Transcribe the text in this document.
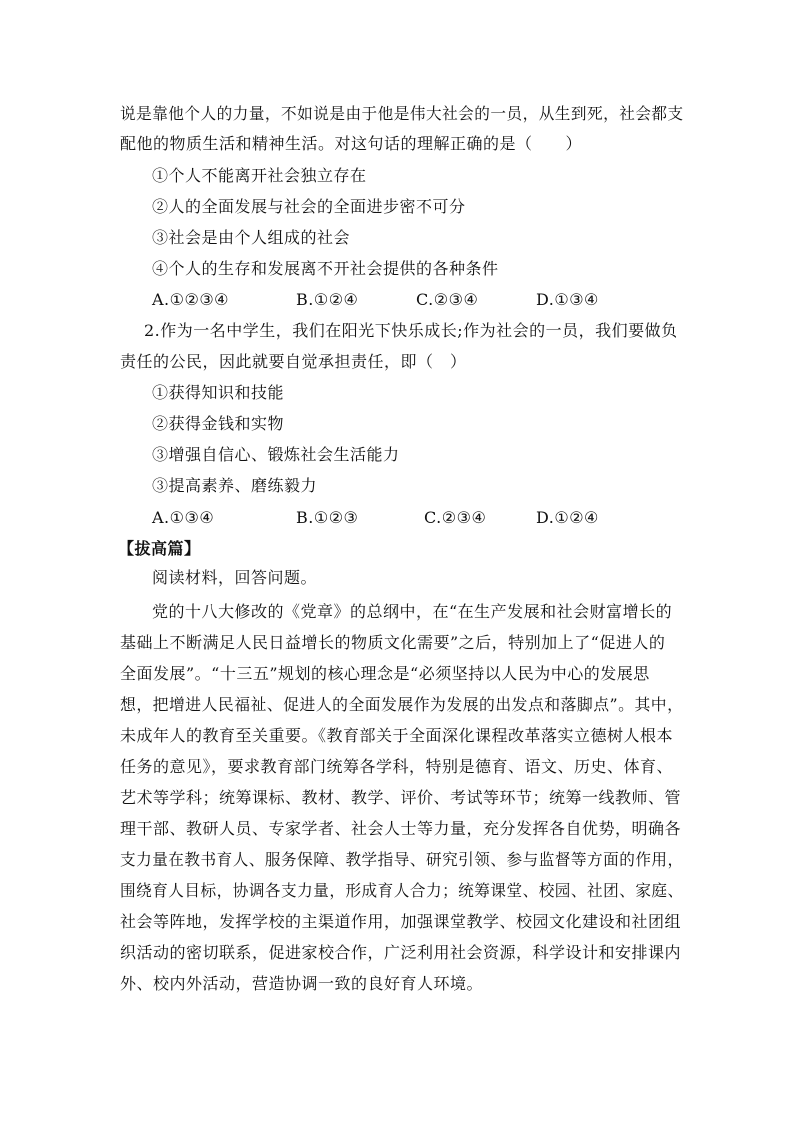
说是靠他个人的力量，不如说是由于他是伟大社会的一员，从生到死，社会都支
配他的物质生活和精神生活。对这句话的理解正确的是（　　）
①个人不能离开社会独立存在
②人的全面发展与社会的全面进步密不可分
③社会是由个人组成的社会
④个人的生存和发展离不开社会提供的各种条件
A.①②③④	B.①②④	C.②③④	D.①③④
2.作为一名中学生，我们在阳光下快乐成长;作为社会的一员，我们要做负
责任的公民，因此就要自觉承担责任，即（　）
①获得知识和技能
②获得金钱和实物
③增强自信心、锻炼社会生活能力
③提高素养、磨练毅力
A.①③④	B.①②③	C.②③④	D.①②④
【拔高篇】
阅读材料，回答问题。
党的十八大修改的《党章》的总纲中，在“在生产发展和社会财富增长的
基础上不断满足人民日益增长的物质文化需要”之后，特别加上了“促进人的
全面发展”。“十三五”规划的核心理念是“必须坚持以人民为中心的发展思
想，把增进人民福祉、促进人的全面发展作为发展的出发点和落脚点”。其中，
未成年人的教育至关重要。《教育部关于全面深化课程改革落实立德树人根本
任务的意见》，要求教育部门统筹各学科，特别是德育、语文、历史、体育、
艺术等学科；统筹课标、教材、教学、评价、考试等环节；统筹一线教师、管
理干部、教研人员、专家学者、社会人士等力量，充分发挥各自优势，明确各
支力量在教书育人、服务保障、教学指导、研究引领、参与监督等方面的作用，
围绕育人目标，协调各支力量，形成育人合力；统筹课堂、校园、社团、家庭、
社会等阵地，发挥学校的主渠道作用，加强课堂教学、校园文化建设和社团组
织活动的密切联系，促进家校合作，广泛利用社会资源，科学设计和安排课内
外、校内外活动，营造协调一致的良好育人环境。
